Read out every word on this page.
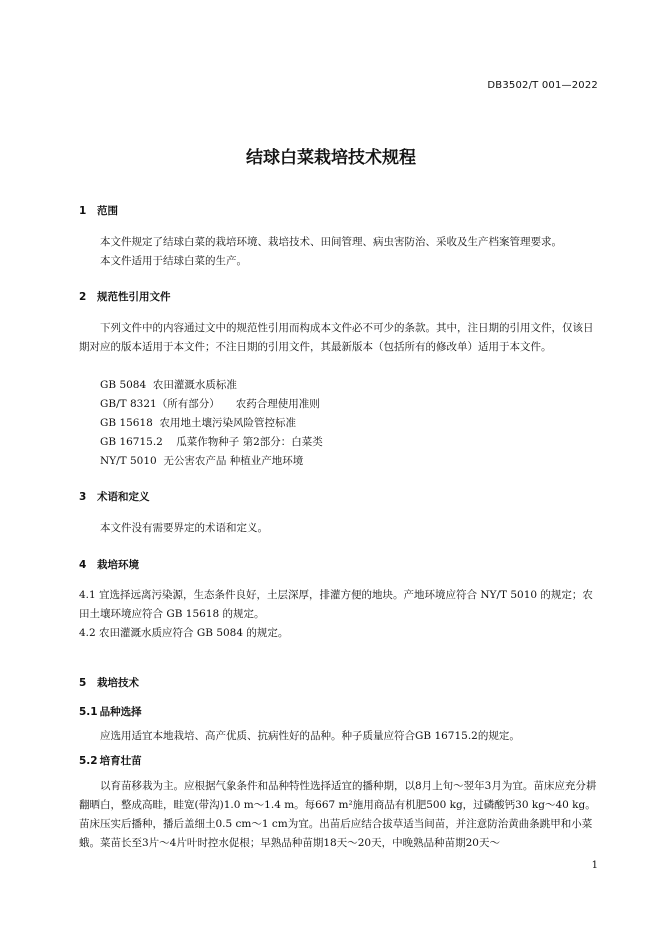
DB3502/T 001—2022
结球白菜栽培技术规程
1 范围
本文件规定了结球白菜的栽培环境、栽培技术、田间管理、病虫害防治、采收及生产档案管理要求。
本文件适用于结球白菜的生产。
2 规范性引用文件
下列文件中的内容通过文中的规范性引用而构成本文件必不可少的条款。其中，注日期的引用文件，仅该日期对应的版本适用于本文件；不注日期的引用文件，其最新版本（包括所有的修改单）适用于本文件。
GB 5084 农田灌溉水质标准
GB/T 8321（所有部分） 农药合理使用准则
GB 15618 农用地土壤污染风险管控标准
GB 16715.2 瓜菜作物种子 第2部分：白菜类
NY/T 5010 无公害农产品 种植业产地环境
3 术语和定义
本文件没有需要界定的术语和定义。
4 栽培环境
4.1 宜选择远离污染源，生态条件良好，土层深厚，排灌方便的地块。产地环境应符合 NY/T 5010 的规定；农田土壤环境应符合 GB 15618 的规定。
4.2 农田灌溉水质应符合 GB 5084 的规定。
5 栽培技术
5.1 品种选择
应选用适宜本地栽培、高产优质、抗病性好的品种。种子质量应符合GB 16715.2的规定。
5.2 培育壮苗
以育苗移栽为主。应根据气象条件和品种特性选择适宜的播种期，以8月上旬～翌年3月为宜。苗床应充分耕翻晒白，整成高畦，畦宽(带沟)1.0 m～1.4 m。每667 m²施用商品有机肥500 kg，过磷酸钙30 kg～40 kg。苗床压实后播种，播后盖细土0.5 cm～1 cm为宜。出苗后应结合拔草适当间苗，并注意防治黄曲条跳甲和小菜蛾。菜苗长至3片～4片叶时控水促根；早熟品种苗期18天～20天，中晚熟品种苗期20天～
1
